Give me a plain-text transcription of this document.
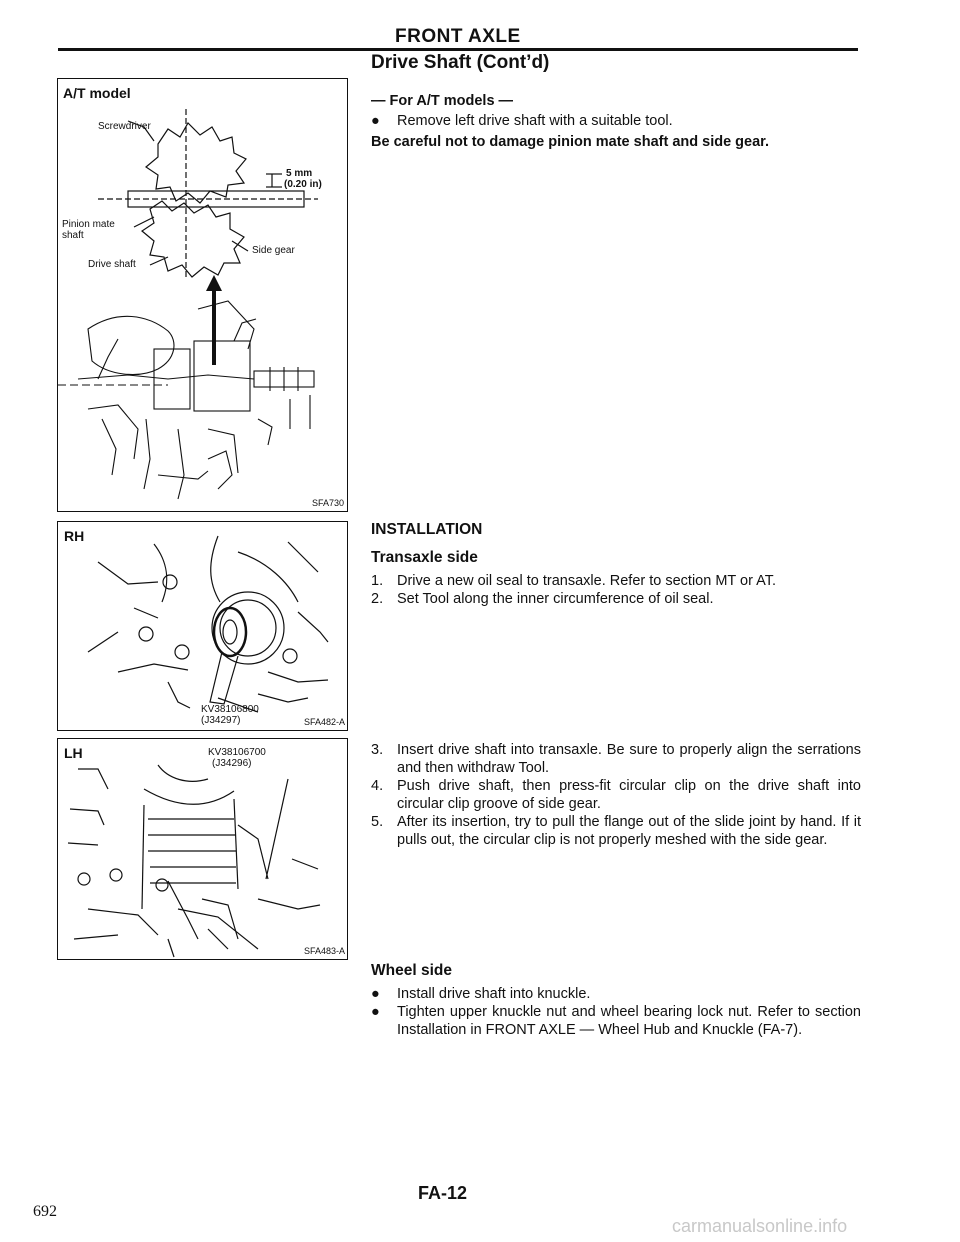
FRONT AXLE
Drive Shaft (Cont’d)
A/T model
Screwdriver
5 mm
(0.20 in)
Pinion mate
shaft
Side gear
Drive shaft
SFA730
RH
KV38106800
(J34297)	SFA482-A
LH	KV38106700
(J34296)
SFA483-A
— For A/T models —
●	Remove left drive shaft with a suitable tool.
Be careful not to damage pinion mate shaft and side gear.
INSTALLATION
Transaxle side
1. Drive a new oil seal to transaxle. Refer to section MT or AT.
2. Set Tool along the inner circumference of oil seal.
3. Insert drive shaft into transaxle. Be sure to properly align the serrations and then withdraw Tool.
4. Push drive shaft, then press-fit circular clip on the drive shaft into circular clip groove of side gear.
5. After its insertion, try to pull the flange out of the slide joint by hand. If it pulls out, the circular clip is not properly meshed with the side gear.
Wheel side
●	Install drive shaft into knuckle.
●	Tighten upper knuckle nut and wheel bearing lock nut. Refer to section Installation in FRONT AXLE — Wheel Hub and Knuckle (FA-7).
FA-12
692
carmanualsonline.info
